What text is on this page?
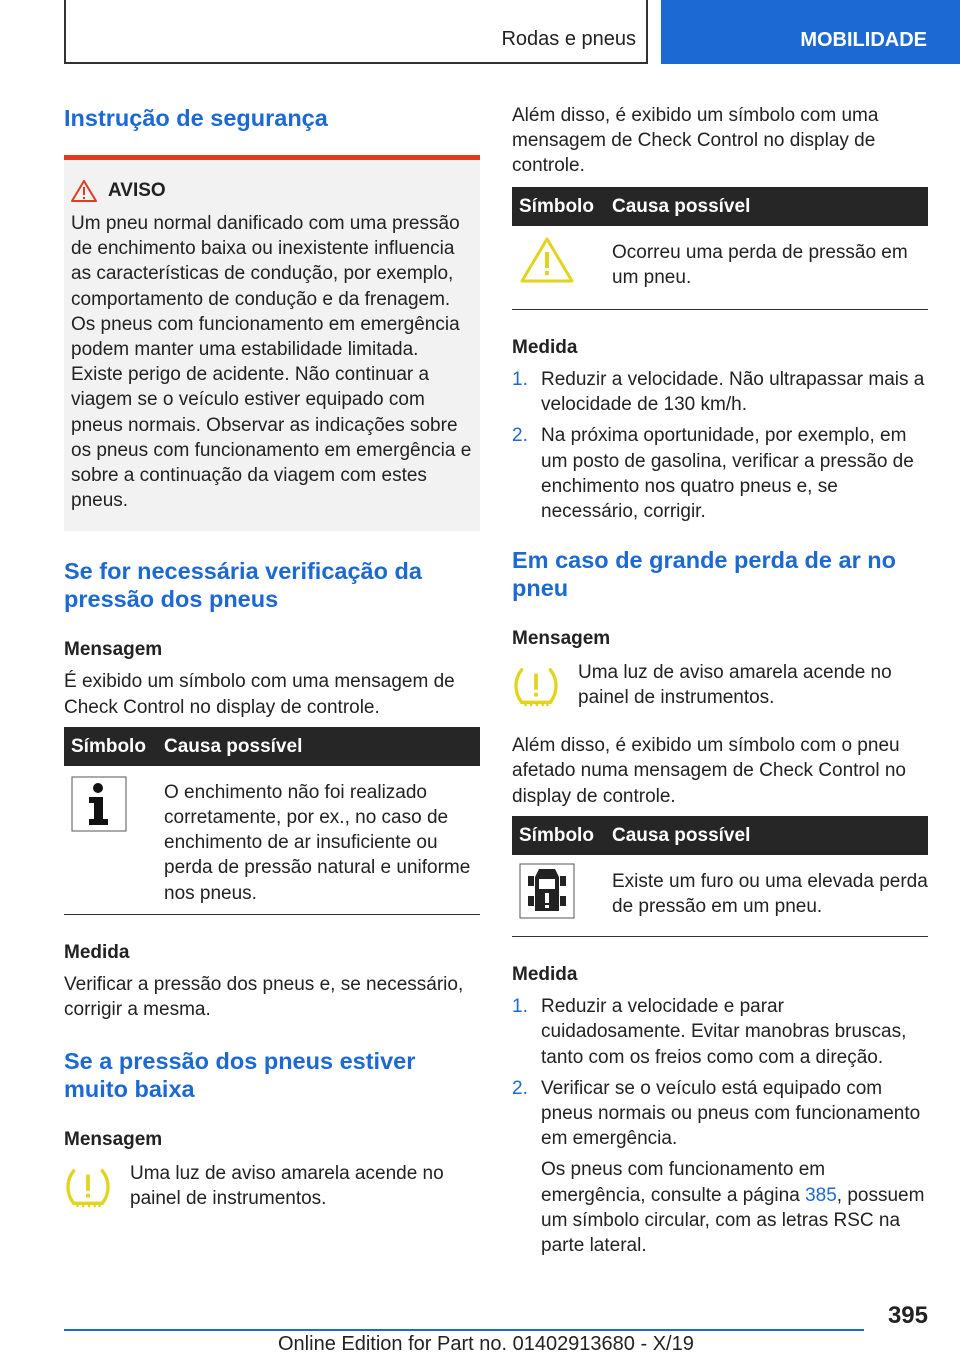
Rodas e pneus	MOBILIDADE
Instrução de segurança
AVISO

Um pneu normal danificado com uma pressão de enchimento baixa ou inexistente influencia as características de condução, por exemplo, comportamento de condução e da frenagem. Os pneus com funcionamento em emergência podem manter uma estabilidade limitada. Existe perigo de acidente. Não continuar a viagem se o veículo estiver equipado com pneus normais. Observar as indicações sobre os pneus com funcionamento em emergência e sobre a continuação da viagem com estes pneus.

Se for necessária verificação da pressão dos pneus
Mensagem

É exibido um símbolo com uma mensagem de Check Control no display de controle.

Símbolo	Causa possível
	O enchimento não foi realizado corretamente, por ex., no caso de enchimento de ar insuficiente ou perda de pressão natural e uniforme nos pneus.
Medida

Verificar a pressão dos pneus e, se necessário, corrigir a mesma.

Se a pressão dos pneus estiver muito baixa
Mensagem

Uma luz de aviso amarela acende no painel de instrumentos.

Além disso, é exibido um símbolo com uma mensagem de Check Control no display de controle.

Símbolo	Causa possível
	Ocorreu uma perda de pressão em um pneu.
Medida
1. Reduzir a velocidade. Não ultrapassar mais a velocidade de 130 km/h.
2. Na próxima oportunidade, por exemplo, em um posto de gasolina, verificar a pressão de enchimento nos quatro pneus e, se necessário, corrigir.
Em caso de grande perda de ar no pneu
Mensagem

Uma luz de aviso amarela acende no painel de instrumentos.

Além disso, é exibido um símbolo com o pneu afetado numa mensagem de Check Control no display de controle.

Símbolo	Causa possível
	Existe um furo ou uma elevada perda de pressão em um pneu.
Medida
1. Reduzir a velocidade e parar cuidadosamente. Evitar manobras bruscas, tanto com os freios como com a direção.
2. Verificar se o veículo está equipado com pneus normais ou pneus com funcionamento em emergência.

Os pneus com funcionamento em emergência, consulte a página 385, possuem um símbolo circular, com as letras RSC na parte lateral.

395
Online Edition for Part no. 01402913680 - X/19
